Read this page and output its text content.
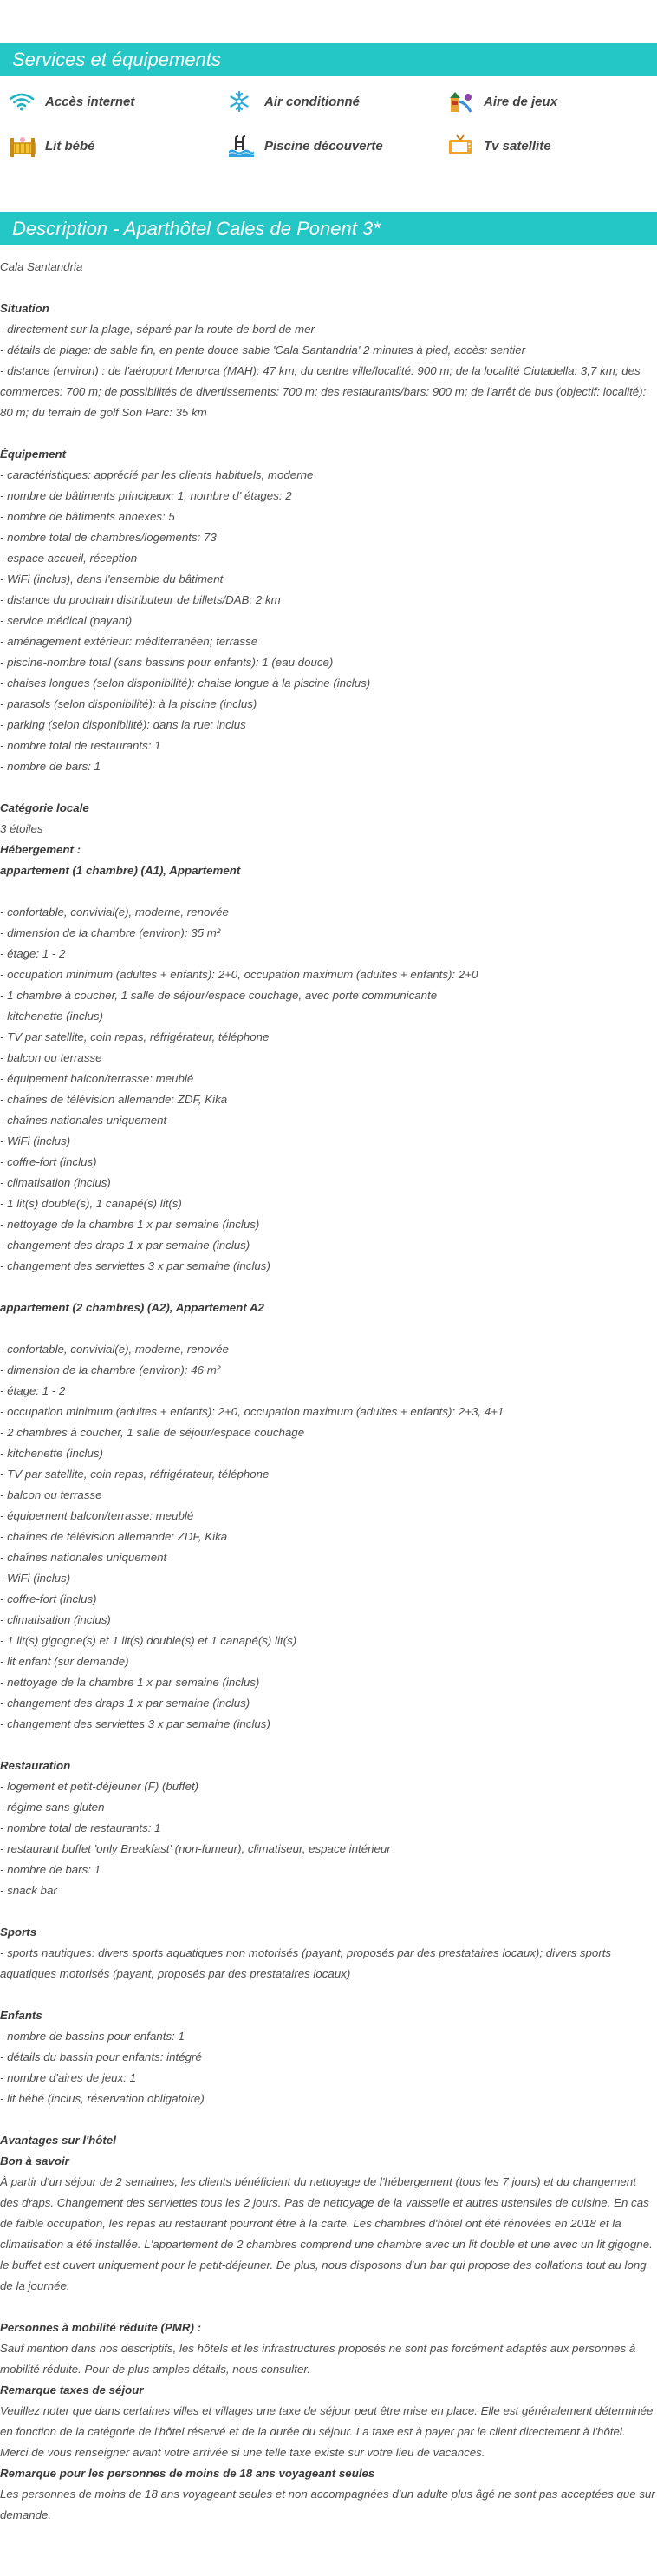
Services et équipements
Accès internet	Air conditionné	Aire de jeux
Lit bébé	Piscine découverte	Tv satellite
Description - Aparthôtel Cales de Ponent 3*
Cala Santandria
Situation
- directement sur la plage, séparé par la route de bord de mer
- détails de plage: de sable fin, en pente douce sable 'Cala Santandria' 2 minutes à pied, accès: sentier
- distance (environ) : de l'aéroport Menorca (MAH): 47 km; du centre ville/localité: 900 m; de la localité Ciutadella: 3,7 km; des commerces: 700 m; de possibilités de divertissements: 700 m; des restaurants/bars: 900 m; de l'arrêt de bus (objectif: localité): 80 m; du terrain de golf Son Parc: 35 km
Équipement
- caractéristiques: apprécié par les clients habituels, moderne
- nombre de bâtiments principaux: 1, nombre d' étages: 2
- nombre de bâtiments annexes: 5
- nombre total de chambres/logements: 73
- espace accueil, réception
- WiFi (inclus), dans l'ensemble du bâtiment
- distance du prochain distributeur de billets/DAB: 2 km
- service médical (payant)
- aménagement extérieur: méditerranéen; terrasse
- piscine-nombre total (sans bassins pour enfants): 1 (eau douce)
- chaises longues (selon disponibilité): chaise longue à la piscine (inclus)
- parasols (selon disponibilité): à la piscine (inclus)
- parking (selon disponibilité): dans la rue: inclus
- nombre total de restaurants: 1
- nombre de bars: 1
Catégorie locale
3 étoiles
Hébergement :
appartement (1 chambre) (A1), Appartement
- confortable, convivial(e), moderne, renovée
- dimension de la chambre (environ): 35 m²
- étage: 1 - 2
- occupation minimum (adultes + enfants): 2+0, occupation maximum (adultes + enfants): 2+0
- 1 chambre à coucher, 1 salle de séjour/espace couchage, avec porte communicante
- kitchenette (inclus)
- TV par satellite, coin repas, réfrigérateur, téléphone
- balcon ou terrasse
- équipement balcon/terrasse: meublé
- chaînes de télévision allemande: ZDF, Kika
- chaînes nationales uniquement
- WiFi (inclus)
- coffre-fort (inclus)
- climatisation (inclus)
- 1 lit(s) double(s), 1 canapé(s) lit(s)
- nettoyage de la chambre 1 x par semaine (inclus)
- changement des draps 1 x par semaine (inclus)
- changement des serviettes 3 x par semaine (inclus)
appartement (2 chambres) (A2), Appartement A2
- confortable, convivial(e), moderne, renovée
- dimension de la chambre (environ): 46 m²
- étage: 1 - 2
- occupation minimum (adultes + enfants): 2+0, occupation maximum (adultes + enfants): 2+3, 4+1
- 2 chambres à coucher, 1 salle de séjour/espace couchage
- kitchenette (inclus)
- TV par satellite, coin repas, réfrigérateur, téléphone
- balcon ou terrasse
- équipement balcon/terrasse: meublé
- chaînes de télévision allemande: ZDF, Kika
- chaînes nationales uniquement
- WiFi (inclus)
- coffre-fort (inclus)
- climatisation (inclus)
- 1 lit(s) gigogne(s) et 1 lit(s) double(s) et 1 canapé(s) lit(s)
- lit enfant (sur demande)
- nettoyage de la chambre 1 x par semaine (inclus)
- changement des draps 1 x par semaine (inclus)
- changement des serviettes 3 x par semaine (inclus)
Restauration
- logement et petit-déjeuner (F) (buffet)
- régime sans gluten
- nombre total de restaurants: 1
- restaurant buffet 'only Breakfast' (non-fumeur), climatiseur, espace intérieur
- nombre de bars: 1
- snack bar
Sports
- sports nautiques: divers sports aquatiques non motorisés (payant, proposés par des prestataires locaux); divers sports aquatiques motorisés (payant, proposés par des prestataires locaux)
Enfants
- nombre de bassins pour enfants: 1
- détails du bassin pour enfants: intégré
- nombre d'aires de jeux: 1
- lit bébé (inclus, réservation obligatoire)
Avantages sur l'hôtel
Bon à savoir
À partir d'un séjour de 2 semaines, les clients bénéficient du nettoyage de l'hébergement (tous les 7 jours) et du changement des draps. Changement des serviettes tous les 2 jours. Pas de nettoyage de la vaisselle et autres ustensiles de cuisine. En cas de faible occupation, les repas au restaurant pourront être à la carte. Les chambres d'hôtel ont été rénovées en 2018 et la climatisation a été installée. L'appartement de 2 chambres comprend une chambre avec un lit double et une avec un lit gigogne. le buffet est ouvert uniquement pour le petit-déjeuner. De plus, nous disposons d'un bar qui propose des collations tout au long de la journée.
Personnes à mobilité réduite (PMR) :
Sauf mention dans nos descriptifs, les hôtels et les infrastructures proposés ne sont pas forcément adaptés aux personnes à mobilité réduite. Pour de plus amples détails, nous consulter.
Remarque taxes de séjour
Veuillez noter que dans certaines villes et villages une taxe de séjour peut être mise en place. Elle est généralement déterminée en fonction de la catégorie de l'hôtel réservé et de la durée du séjour. La taxe est à payer par le client directement à l'hôtel.
Merci de vous renseigner avant votre arrivée si une telle taxe existe sur votre lieu de vacances.
Remarque pour les personnes de moins de 18 ans voyageant seules
Les personnes de moins de 18 ans voyageant seules et non accompagnées d'un adulte plus âgé ne sont pas acceptées que sur demande.
